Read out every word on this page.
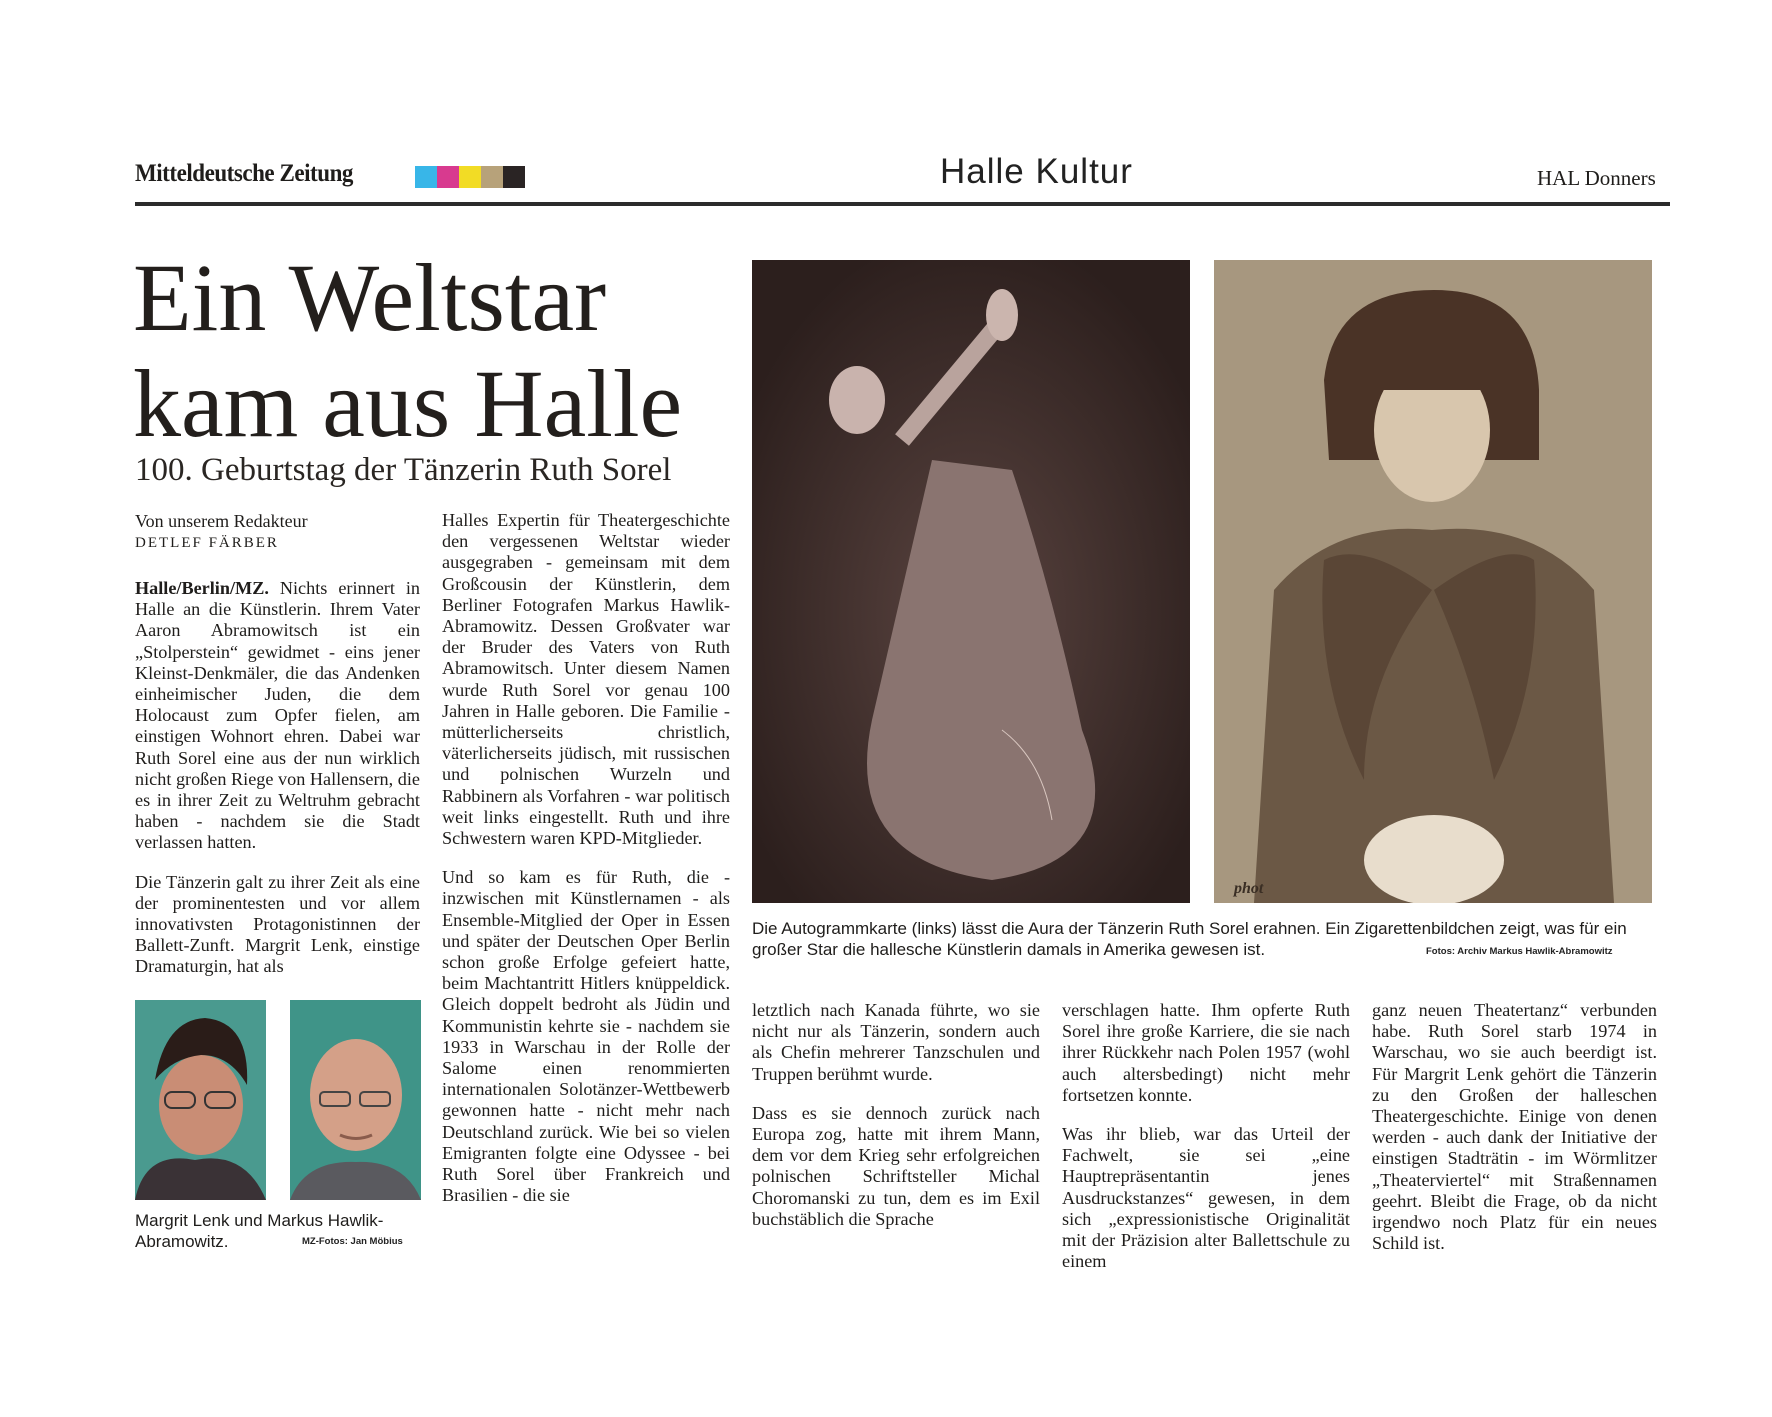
Mitteldeutsche Zeitung	Halle Kultur	HAL Donners
Ein Weltstar
kam aus Halle
100. Geburtstag der Tänzerin Ruth Sorel
Von unserem Redakteur
DETLEF FÄRBER

Halle/Berlin/MZ. Nichts erinnert in Halle an die Künstlerin. Ihrem Vater Aaron Abramowitsch ist ein „Stolperstein“ gewidmet - eins jener Kleinst-Denkmäler, die das Andenken einheimischer Juden, die dem Holocaust zum Opfer fielen, am einstigen Wohnort ehren. Dabei war Ruth Sorel eine aus der nun wirklich nicht großen Riege von Hallensern, die es in ihrer Zeit zu Weltruhm gebracht haben - nachdem sie die Stadt verlassen hatten.

Die Tänzerin galt zu ihrer Zeit als eine der prominentesten und vor allem innovativsten Protagonistinnen der Ballett-Zunft. Margrit Lenk, einstige Dramaturgin, hat als

Margrit Lenk und Markus Hawlik-Abramowitz.	MZ-Fotos: Jan Möbius

Halles Expertin für Theatergeschichte den vergessenen Weltstar wieder ausgegraben - gemeinsam mit dem Großcousin der Künstlerin, dem Berliner Fotografen Markus Hawlik-Abramowitz. Dessen Großvater war der Bruder des Vaters von Ruth Abramowitsch. Unter diesem Namen wurde Ruth Sorel vor genau 100 Jahren in Halle geboren. Die Familie - mütterlicherseits christlich, väterlicherseits jüdisch, mit russischen und polnischen Wurzeln und Rabbinern als Vorfahren - war politisch weit links eingestellt. Ruth und ihre Schwestern waren KPD-Mitglieder.

Und so kam es für Ruth, die - inzwischen mit Künstlernamen - als Ensemble-Mitglied der Oper in Essen und später der Deutschen Oper Berlin schon große Erfolge gefeiert hatte, beim Machtantritt Hitlers knüppeldick. Gleich doppelt bedroht als Jüdin und Kommunistin kehrte sie - nachdem sie 1933 in Warschau in der Rolle der Salome einen renommierten internationalen Solotänzer-Wettbewerb gewonnen hatte - nicht mehr nach Deutschland zurück. Wie bei so vielen Emigranten folgte eine Odyssee - bei Ruth Sorel über Frankreich und Brasilien - die sie

phot
Die Autogrammkarte (links) lässt die Aura der Tänzerin Ruth Sorel erahnen. Ein Zigarettenbildchen zeigt, was für ein großer Star die hallesche Künstlerin damals in Amerika gewesen ist.	Fotos: Archiv Markus Hawlik-Abramowitz

letztlich nach Kanada führte, wo sie nicht nur als Tänzerin, sondern auch als Chefin mehrerer Tanzschulen und Truppen berühmt wurde.

Dass es sie dennoch zurück nach Europa zog, hatte mit ihrem Mann, dem vor dem Krieg sehr erfolgreichen polnischen Schriftsteller Michal Choromanski zu tun, dem es im Exil buchstäblich die Sprache

verschlagen hatte. Ihm opferte Ruth Sorel ihre große Karriere, die sie nach ihrer Rückkehr nach Polen 1957 (wohl auch altersbedingt) nicht mehr fortsetzen konnte.

Was ihr blieb, war das Urteil der Fachwelt, sie sei „eine Hauptrepräsentantin jenes Ausdruckstanzes“ gewesen, in dem sich „expressionistische Originalität mit der Präzision alter Ballettschule zu einem

ganz neuen Theatertanz“ verbunden habe. Ruth Sorel starb 1974 in Warschau, wo sie auch beerdigt ist. Für Margrit Lenk gehört die Tänzerin zu den Großen der halleschen Theatergeschichte. Einige von denen werden - auch dank der Initiative der einstigen Stadträtin - im Wörmlitzer „Theaterviertel“ mit Straßennamen geehrt. Bleibt die Frage, ob da nicht irgendwo noch Platz für ein neues Schild ist.
